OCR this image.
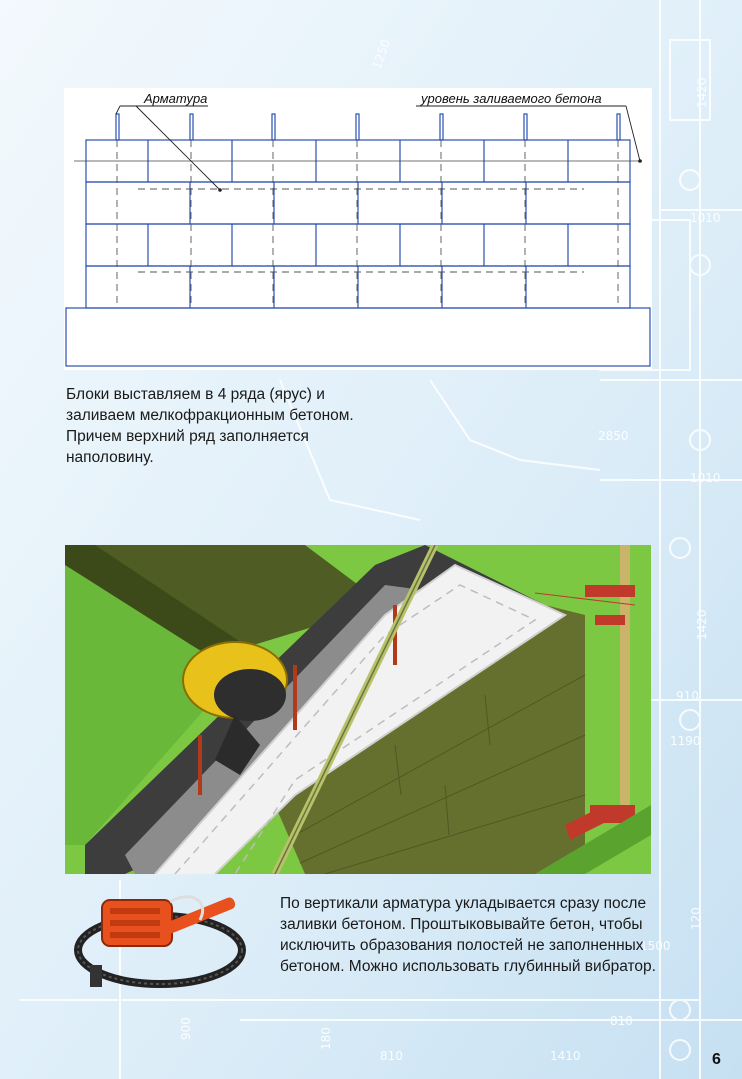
1420
1010
2850
1010
1420
910
1190
120
1500
810
1410
810
900	180
1250
Арматура	уровень заливаемого бетона

Блоки выставляем в 4 ряда (ярус) и заливаем мелкофракционным бетоном. Причем верхний ряд заполняется наполовину.

По вертикали арматура укладывается сразу после заливки бетоном. Проштыковывайте бетон, чтобы исключить образования полостей не заполненных бетоном. Можно использовать глубинный вибратор.

6
